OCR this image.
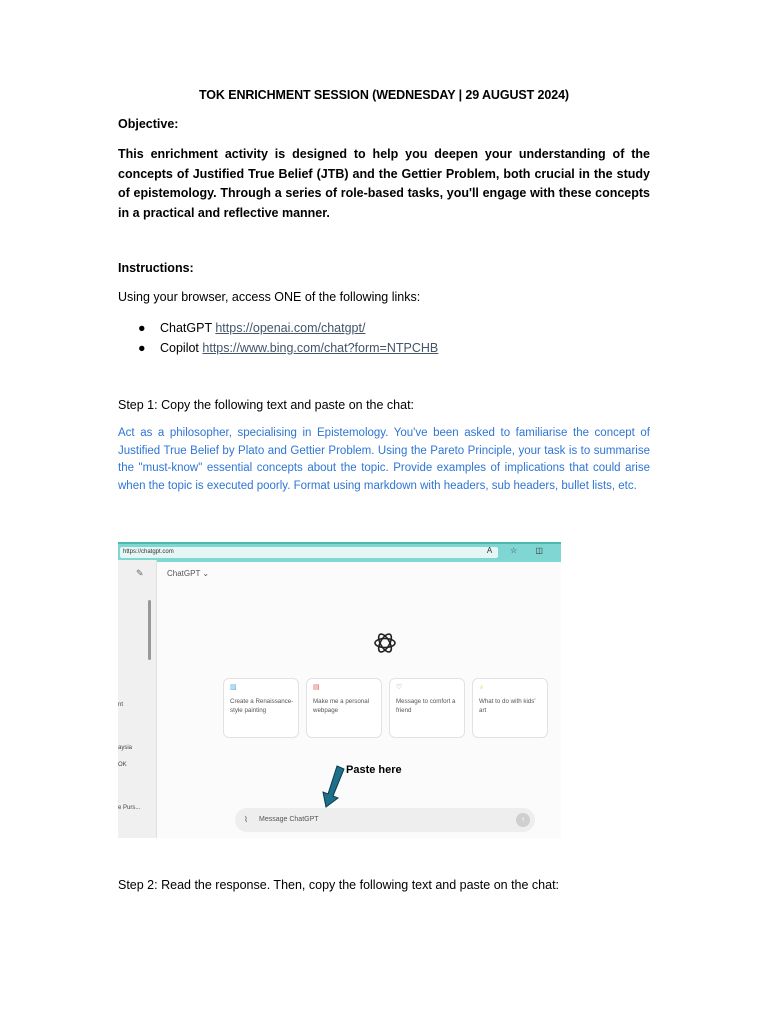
TOK ENRICHMENT SESSION (WEDNESDAY | 29 AUGUST 2024)
Objective:
This enrichment activity is designed to help you deepen your understanding of the concepts of Justified True Belief (JTB) and the Gettier Problem, both crucial in the study of epistemology. Through a series of role-based tasks, you'll engage with these concepts in a practical and reflective manner.
Instructions:
Using your browser, access ONE of the following links:
● ChatGPT https://openai.com/chatgpt/
● Copilot https://www.bing.com/chat?form=NTPCHB
Step 1: Copy the following text and paste on the chat:
Act as a philosopher, specialising in Epistemology. You've been asked to familiarise the concept of Justified True Belief by Plato and Gettier Problem. Using the Pareto Principle, your task is to summarise the "must-know" essential concepts about the topic. Provide examples of implications that could arise when the topic is executed poorly. Format using markdown with headers, sub headers, bullet lists, etc.
https://chatgpt.com	A ☆ ◫
nt
aysia
OK
e Purs...
✎	ChatGPT ⌄
▨
Create a Renaissance-style painting
▤
Make me a personal webpage
♡
Message to comfort a friend
♁
What to do with kids' art
Paste here
⌇ Message ChatGPT	↑
Step 2: Read the response. Then, copy the following text and paste on the chat:
